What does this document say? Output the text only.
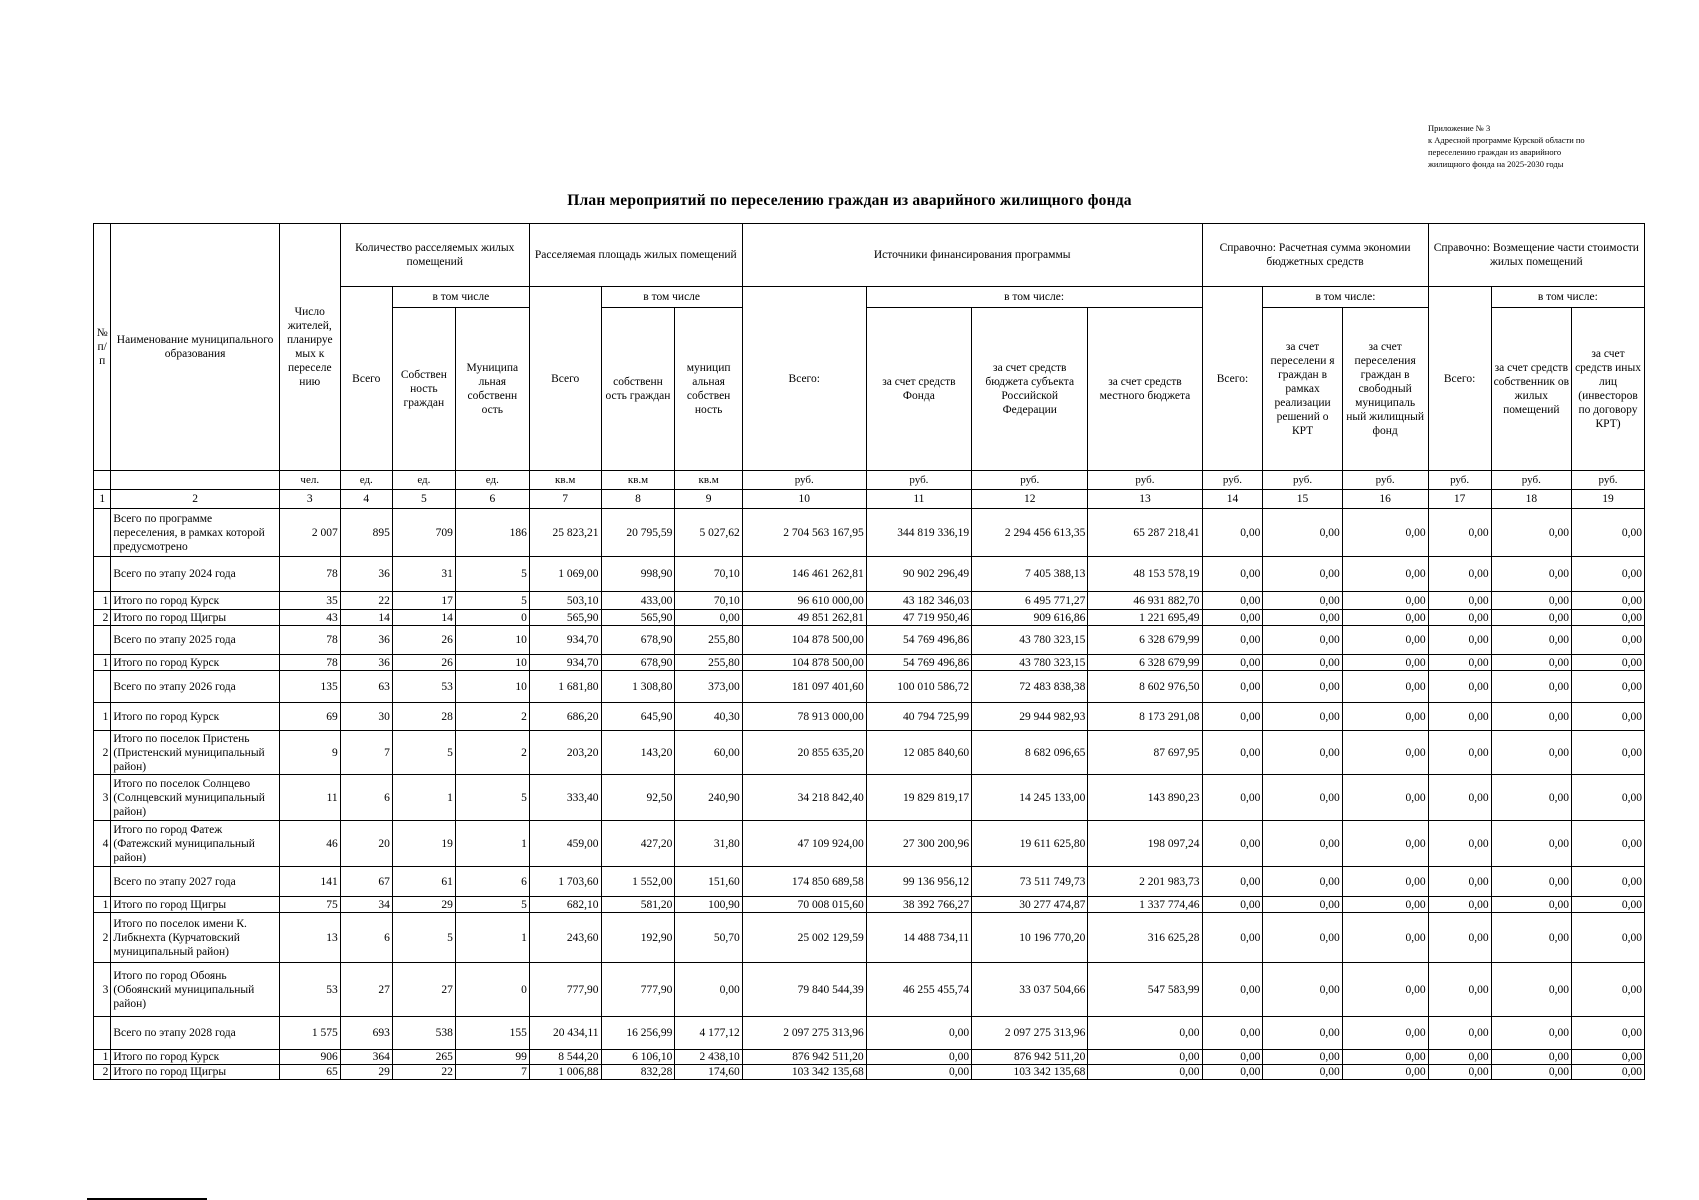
Приложение № 3
к Адресной программе Курской области по
переселению граждан из аварийного
жилищного фонда на 2025-2030 годы
План мероприятий по переселению граждан из аварийного жилищного фонда
№ п/ п	Наименование муниципального образования	Число жителей, планируе мых к переселе нию	Количество расселяемых жилых помещений			Расселяемая площадь жилых помещений			Источники финансирования программы				Справочно: Расчетная сумма экономии бюджетных средств			Справочно: Возмещение части стоимости жилых помещений		
			Всего	в том числе		Всего	в том числе		Всего:	в том числе:			Всего:	в том числе:		Всего:	в том числе:	
				Собствен ность граждан	Муниципа льная собственн ость		собственн ость граждан	муницип альная собствен ность		за счет средств Фонда	за счет средств бюджета субъекта Российской Федерации	за счет средств местного бюджета		за счет переселени я граждан в рамках реализации решений о КРТ	за счет переселения граждан в свободный муниципаль ный жилищный фонд		за счет средств собственник ов жилых помещений	за счет средств иных лиц (инвесторов по договору КРТ)
		чел.	ед.	ед.	ед.	кв.м	кв.м	кв.м	руб.	руб.	руб.	руб.	руб.	руб.	руб.	руб.	руб.	руб.
1	2	3	4	5	6	7	8	9	10	11	12	13	14	15	16	17	18	19
	Всего по программе переселения, в рамках которой предусмотрено	2 007	895	709	186	25 823,21	20 795,59	5 027,62	2 704 563 167,95	344 819 336,19	2 294 456 613,35	65 287 218,41	0,00	0,00	0,00	0,00	0,00	0,00
	Всего по этапу 2024 года	78	36	31	5	1 069,00	998,90	70,10	146 461 262,81	90 902 296,49	7 405 388,13	48 153 578,19	0,00	0,00	0,00	0,00	0,00	0,00
1	Итого по город Курск	35	22	17	5	503,10	433,00	70,10	96 610 000,00	43 182 346,03	6 495 771,27	46 931 882,70	0,00	0,00	0,00	0,00	0,00	0,00
2	Итого по город Щигры	43	14	14	0	565,90	565,90	0,00	49 851 262,81	47 719 950,46	909 616,86	1 221 695,49	0,00	0,00	0,00	0,00	0,00	0,00
	Всего по этапу 2025 года	78	36	26	10	934,70	678,90	255,80	104 878 500,00	54 769 496,86	43 780 323,15	6 328 679,99	0,00	0,00	0,00	0,00	0,00	0,00
1	Итого по город Курск	78	36	26	10	934,70	678,90	255,80	104 878 500,00	54 769 496,86	43 780 323,15	6 328 679,99	0,00	0,00	0,00	0,00	0,00	0,00
	Всего по этапу 2026 года	135	63	53	10	1 681,80	1 308,80	373,00	181 097 401,60	100 010 586,72	72 483 838,38	8 602 976,50	0,00	0,00	0,00	0,00	0,00	0,00
1	Итого по город Курск	69	30	28	2	686,20	645,90	40,30	78 913 000,00	40 794 725,99	29 944 982,93	8 173 291,08	0,00	0,00	0,00	0,00	0,00	0,00
2	Итого по поселок Пристень (Пристенский муниципальный район)	9	7	5	2	203,20	143,20	60,00	20 855 635,20	12 085 840,60	8 682 096,65	87 697,95	0,00	0,00	0,00	0,00	0,00	0,00
3	Итого по поселок Солнцево (Солнцевский муниципальный район)	11	6	1	5	333,40	92,50	240,90	34 218 842,40	19 829 819,17	14 245 133,00	143 890,23	0,00	0,00	0,00	0,00	0,00	0,00
4	Итого по город Фатеж (Фатежский муниципальный район)	46	20	19	1	459,00	427,20	31,80	47 109 924,00	27 300 200,96	19 611 625,80	198 097,24	0,00	0,00	0,00	0,00	0,00	0,00
	Всего по этапу 2027 года	141	67	61	6	1 703,60	1 552,00	151,60	174 850 689,58	99 136 956,12	73 511 749,73	2 201 983,73	0,00	0,00	0,00	0,00	0,00	0,00
1	Итого по город Щигры	75	34	29	5	682,10	581,20	100,90	70 008 015,60	38 392 766,27	30 277 474,87	1 337 774,46	0,00	0,00	0,00	0,00	0,00	0,00
2	Итого по поселок имени К. Либкнехта (Курчатовский муниципальный район)	13	6	5	1	243,60	192,90	50,70	25 002 129,59	14 488 734,11	10 196 770,20	316 625,28	0,00	0,00	0,00	0,00	0,00	0,00
3	Итого по город Обоянь (Обоянский муниципальный район)	53	27	27	0	777,90	777,90	0,00	79 840 544,39	46 255 455,74	33 037 504,66	547 583,99	0,00	0,00	0,00	0,00	0,00	0,00
	Всего по этапу 2028 года	1 575	693	538	155	20 434,11	16 256,99	4 177,12	2 097 275 313,96	0,00	2 097 275 313,96	0,00	0,00	0,00	0,00	0,00	0,00	0,00
1	Итого по город Курск	906	364	265	99	8 544,20	6 106,10	2 438,10	876 942 511,20	0,00	876 942 511,20	0,00	0,00	0,00	0,00	0,00	0,00	0,00
2	Итого по город Щигры	65	29	22	7	1 006,88	832,28	174,60	103 342 135,68	0,00	103 342 135,68	0,00	0,00	0,00	0,00	0,00	0,00	0,00
